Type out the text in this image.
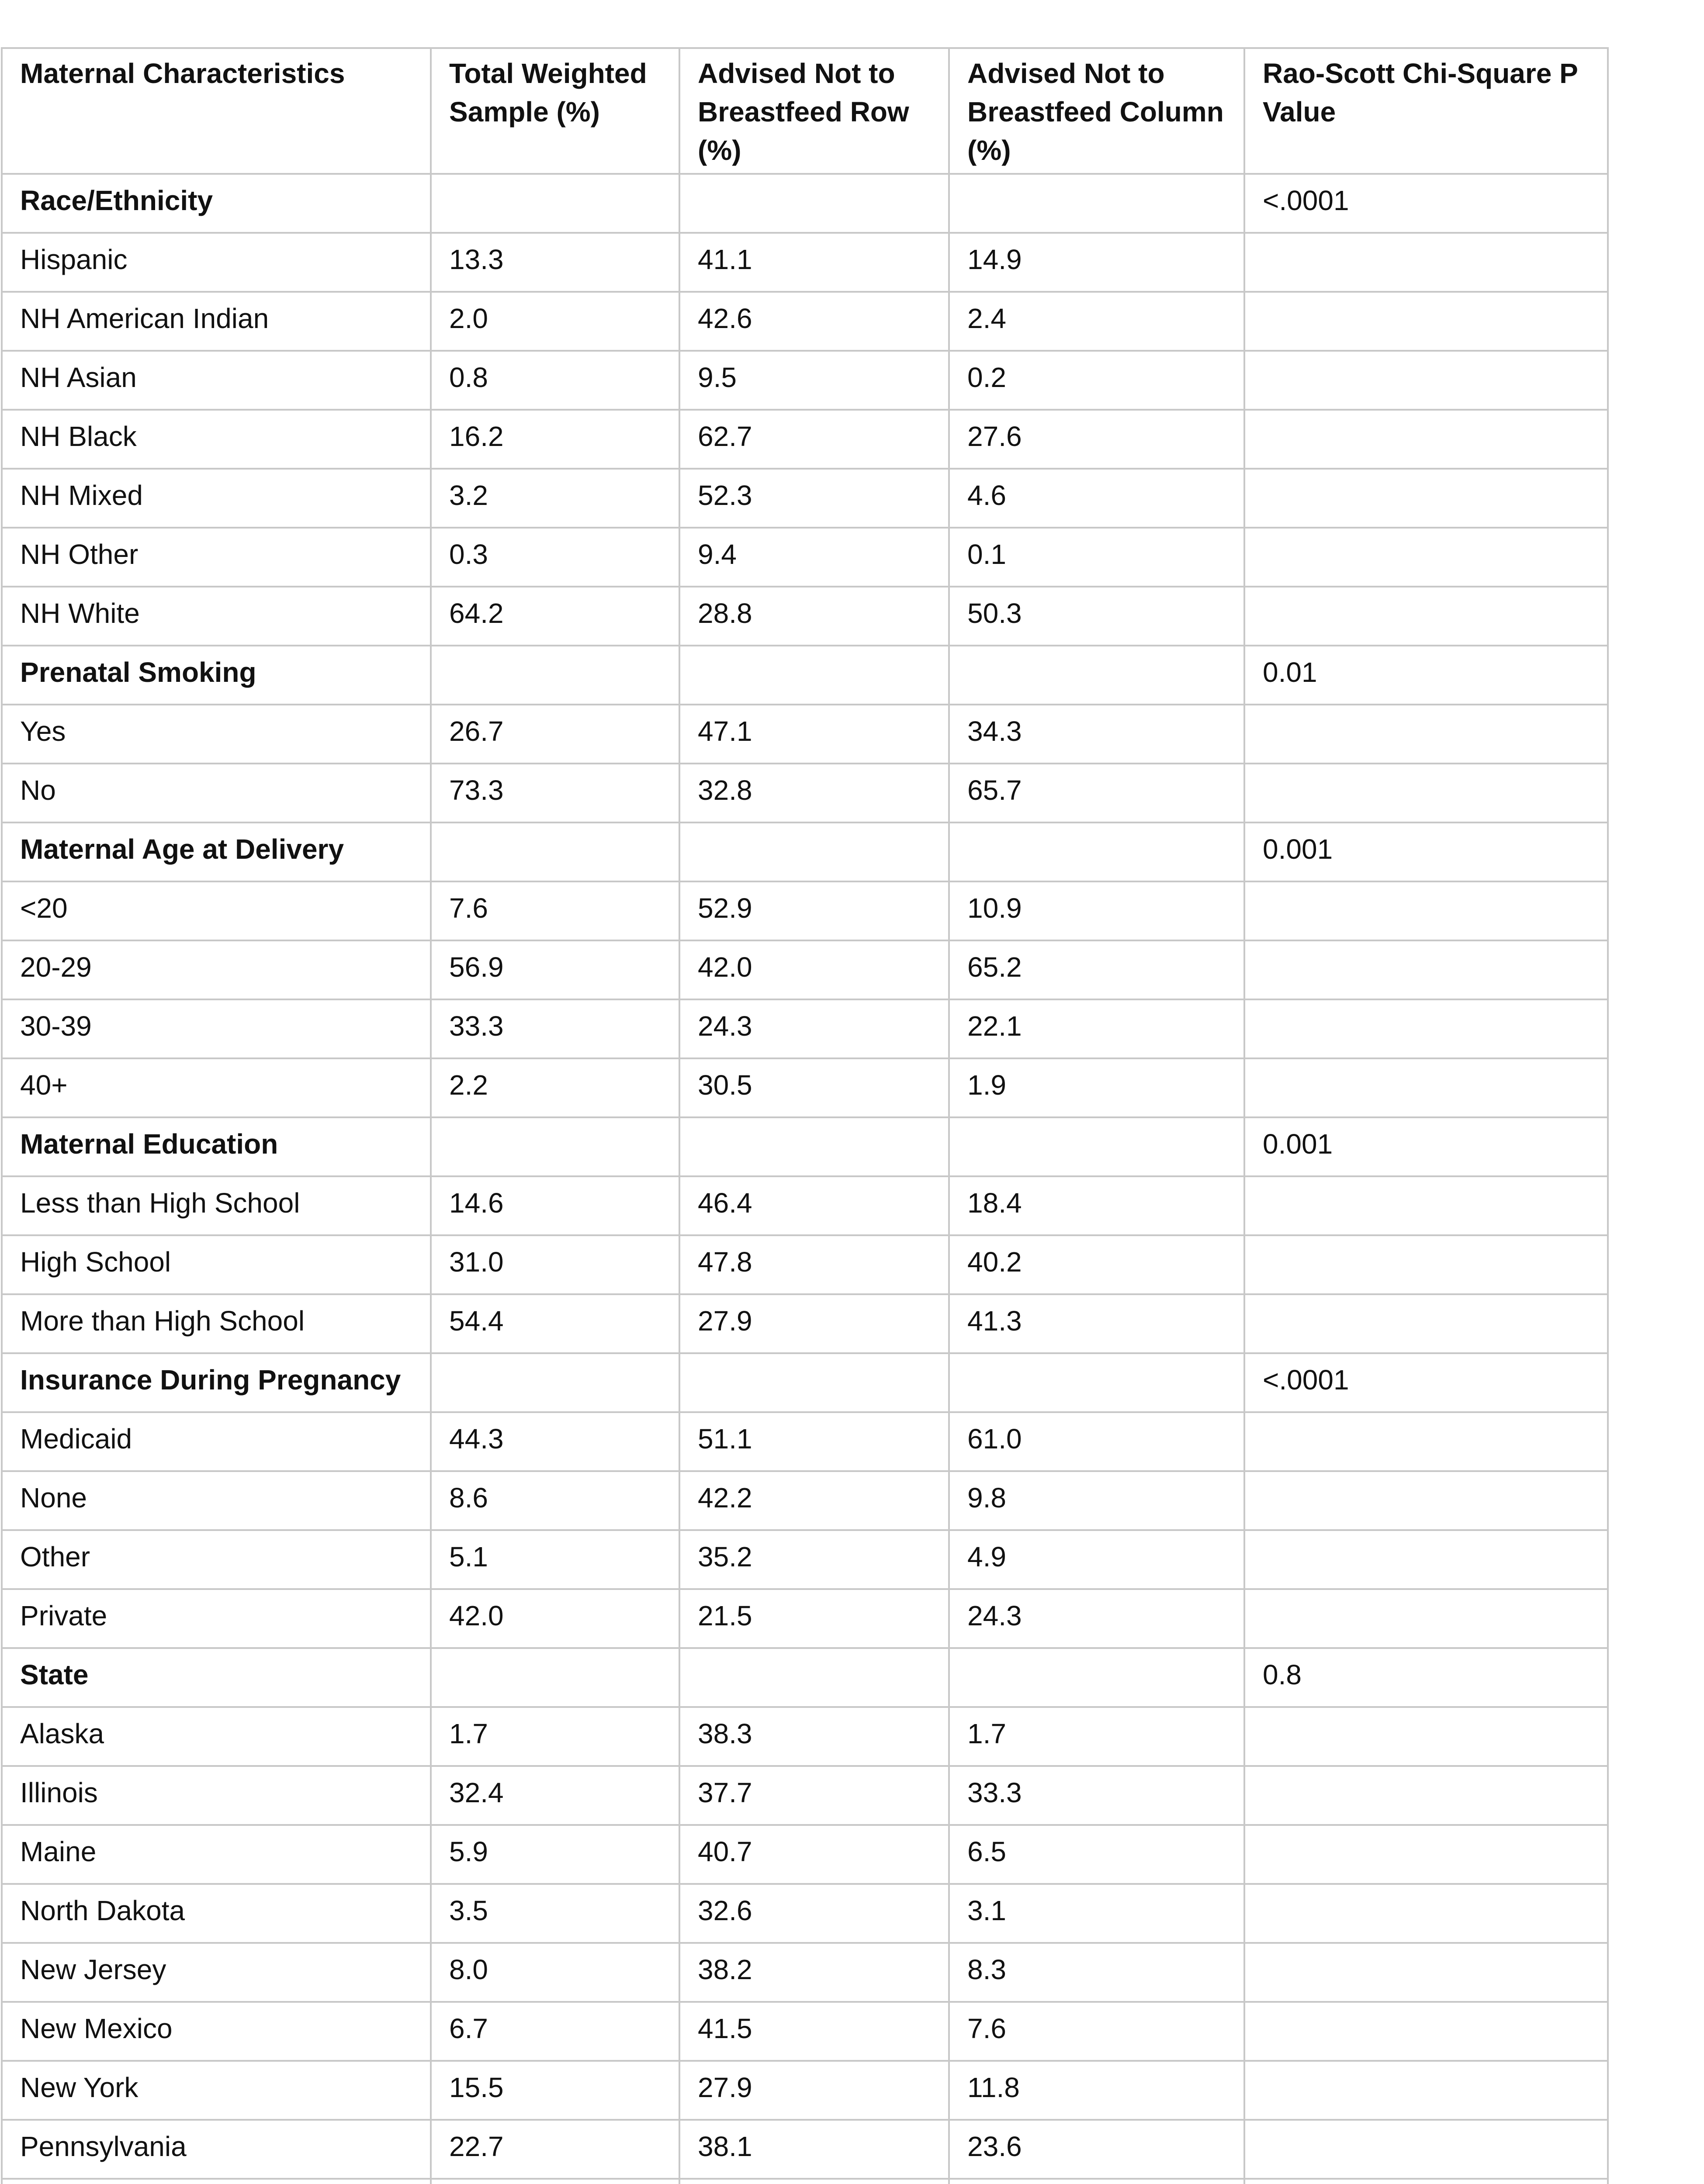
Maternal Characteristics	Total Weighted Sample (%)	Advised Not to Breastfeed Row (%)	Advised Not to Breastfeed Column (%)	Rao-Scott Chi-Square P Value
Race/Ethnicity				<.0001
Hispanic	13.3	41.1	14.9	
NH American Indian	2.0	42.6	2.4	
NH Asian	0.8	9.5	0.2	
NH Black	16.2	62.7	27.6	
NH Mixed	3.2	52.3	4.6	
NH Other	0.3	9.4	0.1	
NH White	64.2	28.8	50.3	
Prenatal Smoking				0.01
Yes	26.7	47.1	34.3	
No	73.3	32.8	65.7	
Maternal Age at Delivery				0.001
<20	7.6	52.9	10.9	
20-29	56.9	42.0	65.2	
30-39	33.3	24.3	22.1	
40+	2.2	30.5	1.9	
Maternal Education				0.001
Less than High School	14.6	46.4	18.4	
High School	31.0	47.8	40.2	
More than High School	54.4	27.9	41.3	
Insurance During Pregnancy				<.0001
Medicaid	44.3	51.1	61.0	
None	8.6	42.2	9.8	
Other	5.1	35.2	4.9	
Private	42.0	21.5	24.3	
State				0.8
Alaska	1.7	38.3	1.7	
Illinois	32.4	37.7	33.3	
Maine	5.9	40.7	6.5	
North Dakota	3.5	32.6	3.1	
New Jersey	8.0	38.2	8.3	
New Mexico	6.7	41.5	7.6	
New York	15.5	27.9	11.8	
Pennsylvania	22.7	38.1	23.6	
